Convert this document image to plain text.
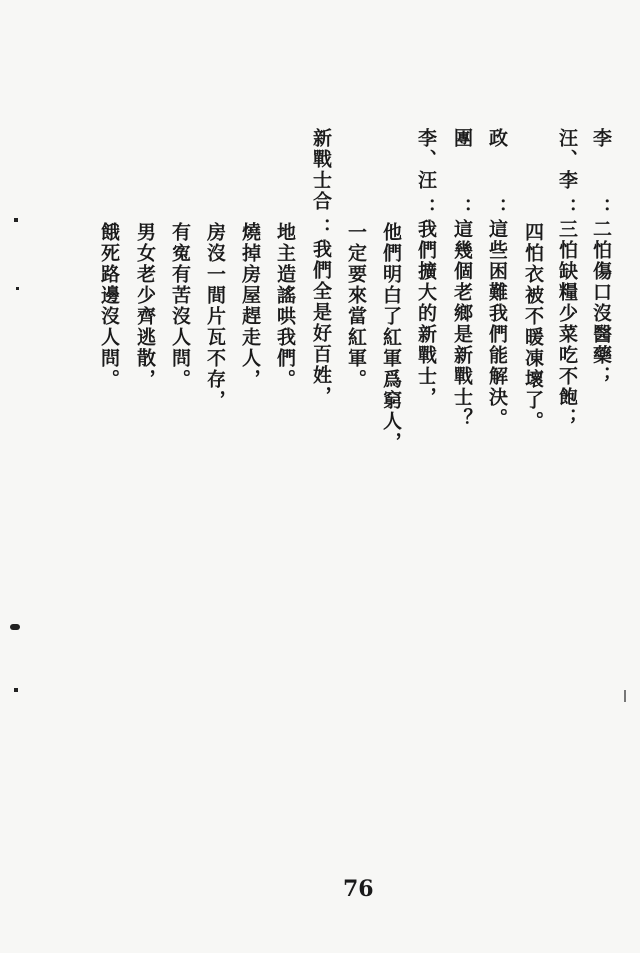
李
：二怕傷口沒醫藥；
汪、李
：三怕缺糧少菜吃不飽；
四怕衣被不暖凍壞了。
政
：這些困難我們能解決。
團
：這幾個老鄉是新戰士？
李、汪
：我們擴大的新戰士，
他們明白了紅軍爲窮人，
一定要來當紅軍。
新戰士合
：我們全是好百姓，
地主造謠哄我們。
燒掉房屋趕走人，
房沒一間片瓦不存，
有寃有苦沒人問。
男女老少齊逃散，
餓死路邊沒人問。
76
